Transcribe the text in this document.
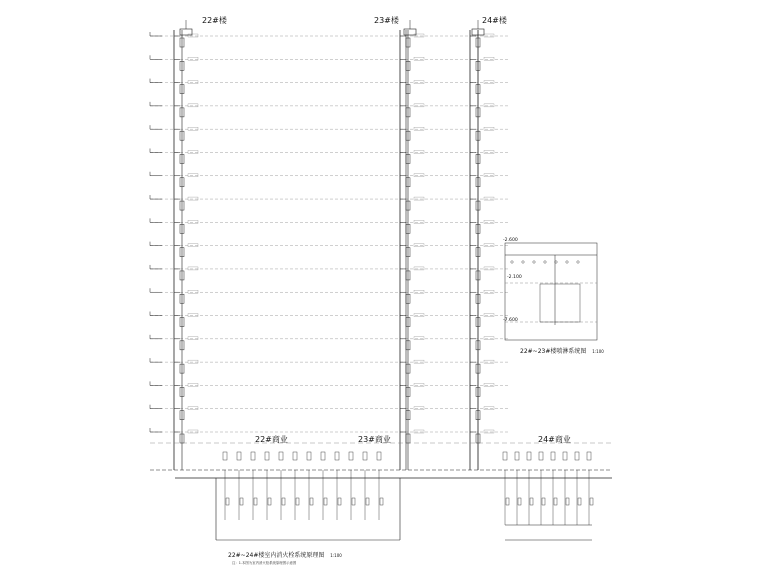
22#楼	23#楼	24#楼
22#商业	23#商业	24#商业
-2.600
-2.100
-7.600
22#~23#楼喷淋系统图 1:100
22#~24#楼室内消火栓系统原理图 1:100
注：1.本图为室内消火栓系统原理图示意图
